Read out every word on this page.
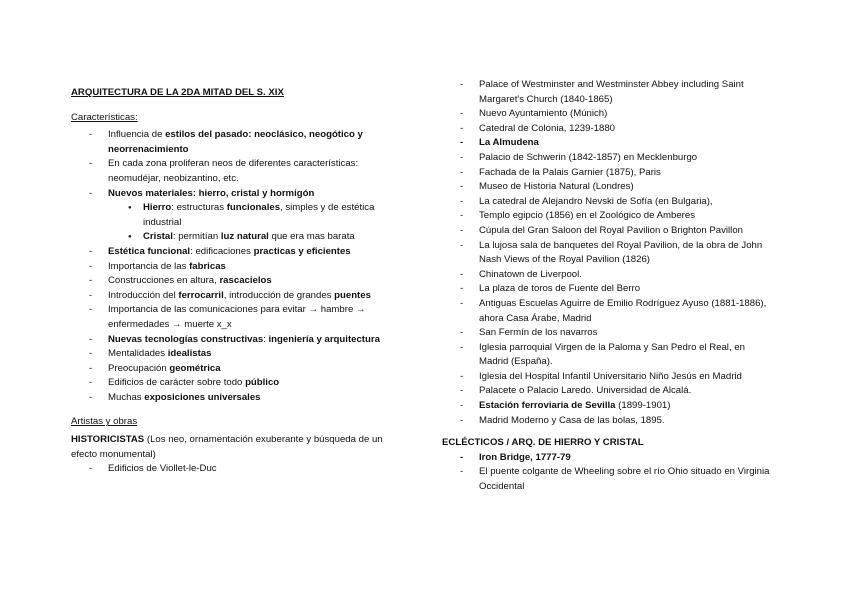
ARQUITECTURA DE LA 2DA MITAD DEL S. XIX
Características:
- Influencia de estilos del pasado: neoclásico, neogótico y neorrenacimiento
- En cada zona proliferan neos de diferentes características: neomudéjar, neobizantino, etc.
- Nuevos materiales: hierro, cristal y hormigón
● Hierro: estructuras funcionales, simples y de estética industrial
● Cristal: permitían luz natural que era mas barata
- Estética funcional: edificaciones practicas y eficientes
- Importancia de las fabricas
- Construcciones en altura, rascacielos
- Introducción del ferrocarril, introducción de grandes puentes
- Importancia de las comunicaciones para evitar → hambre → enfermedades → muerte x_x
- Nuevas tecnologías constructivas: ingeniería y arquitectura
- Mentalidades idealistas
- Preocupación geométrica
- Edificios de carácter sobre todo público
- Muchas exposiciones universales
Artistas y obras
HISTORICISTAS (Los neo, ornamentación exuberante y búsqueda de un efecto monumental)
- Edificios de Viollet-le-Duc
- Palace of Westminster and Westminster Abbey including Saint Margaret's Church (1840-1865)
- Nuevo Ayuntamiento (Múnich)
- Catedral de Colonia, 1239-1880
- La Almudena
- Palacio de Schwerin (1842-1857) en Mecklenburgo
- Fachada de la Palais Garnier (1875), Paris
- Museo de Historia Natural (Londres)
- La catedral de Alejandro Nevski de Sofía (en Bulgaria),
- Templo egipcio (1856) en el Zoológico de Amberes
- Cúpula del Gran Saloon del Royal Pavilion o Brighton Pavillon
- La lujosa sala de banquetes del Royal Pavilion, de la obra de John Nash Views of the Royal Pavilion (1826)
- Chinatown de Liverpool.
- La plaza de toros de Fuente del Berro
- Antiguas Escuelas Aguirre de Emilio Rodríguez Ayuso (1881-1886), ahora Casa Árabe, Madrid
- San Fermín de los navarros
- Iglesia parroquial Virgen de la Paloma y San Pedro el Real, en Madrid (España).
- Iglesia del Hospital Infantil Universitario Niño Jesús en Madrid
- Palacete o Palacio Laredo. Universidad de Alcalá.
- Estación ferroviaria de Sevilla (1899-1901)
- Madrid Moderno y Casa de las bolas, 1895.
ECLÉCTICOS / ARQ. DE HIERRO Y CRISTAL
- Iron Bridge, 1777-79
- El puente colgante de Wheeling sobre el río Ohio situado en Virginia Occidental
